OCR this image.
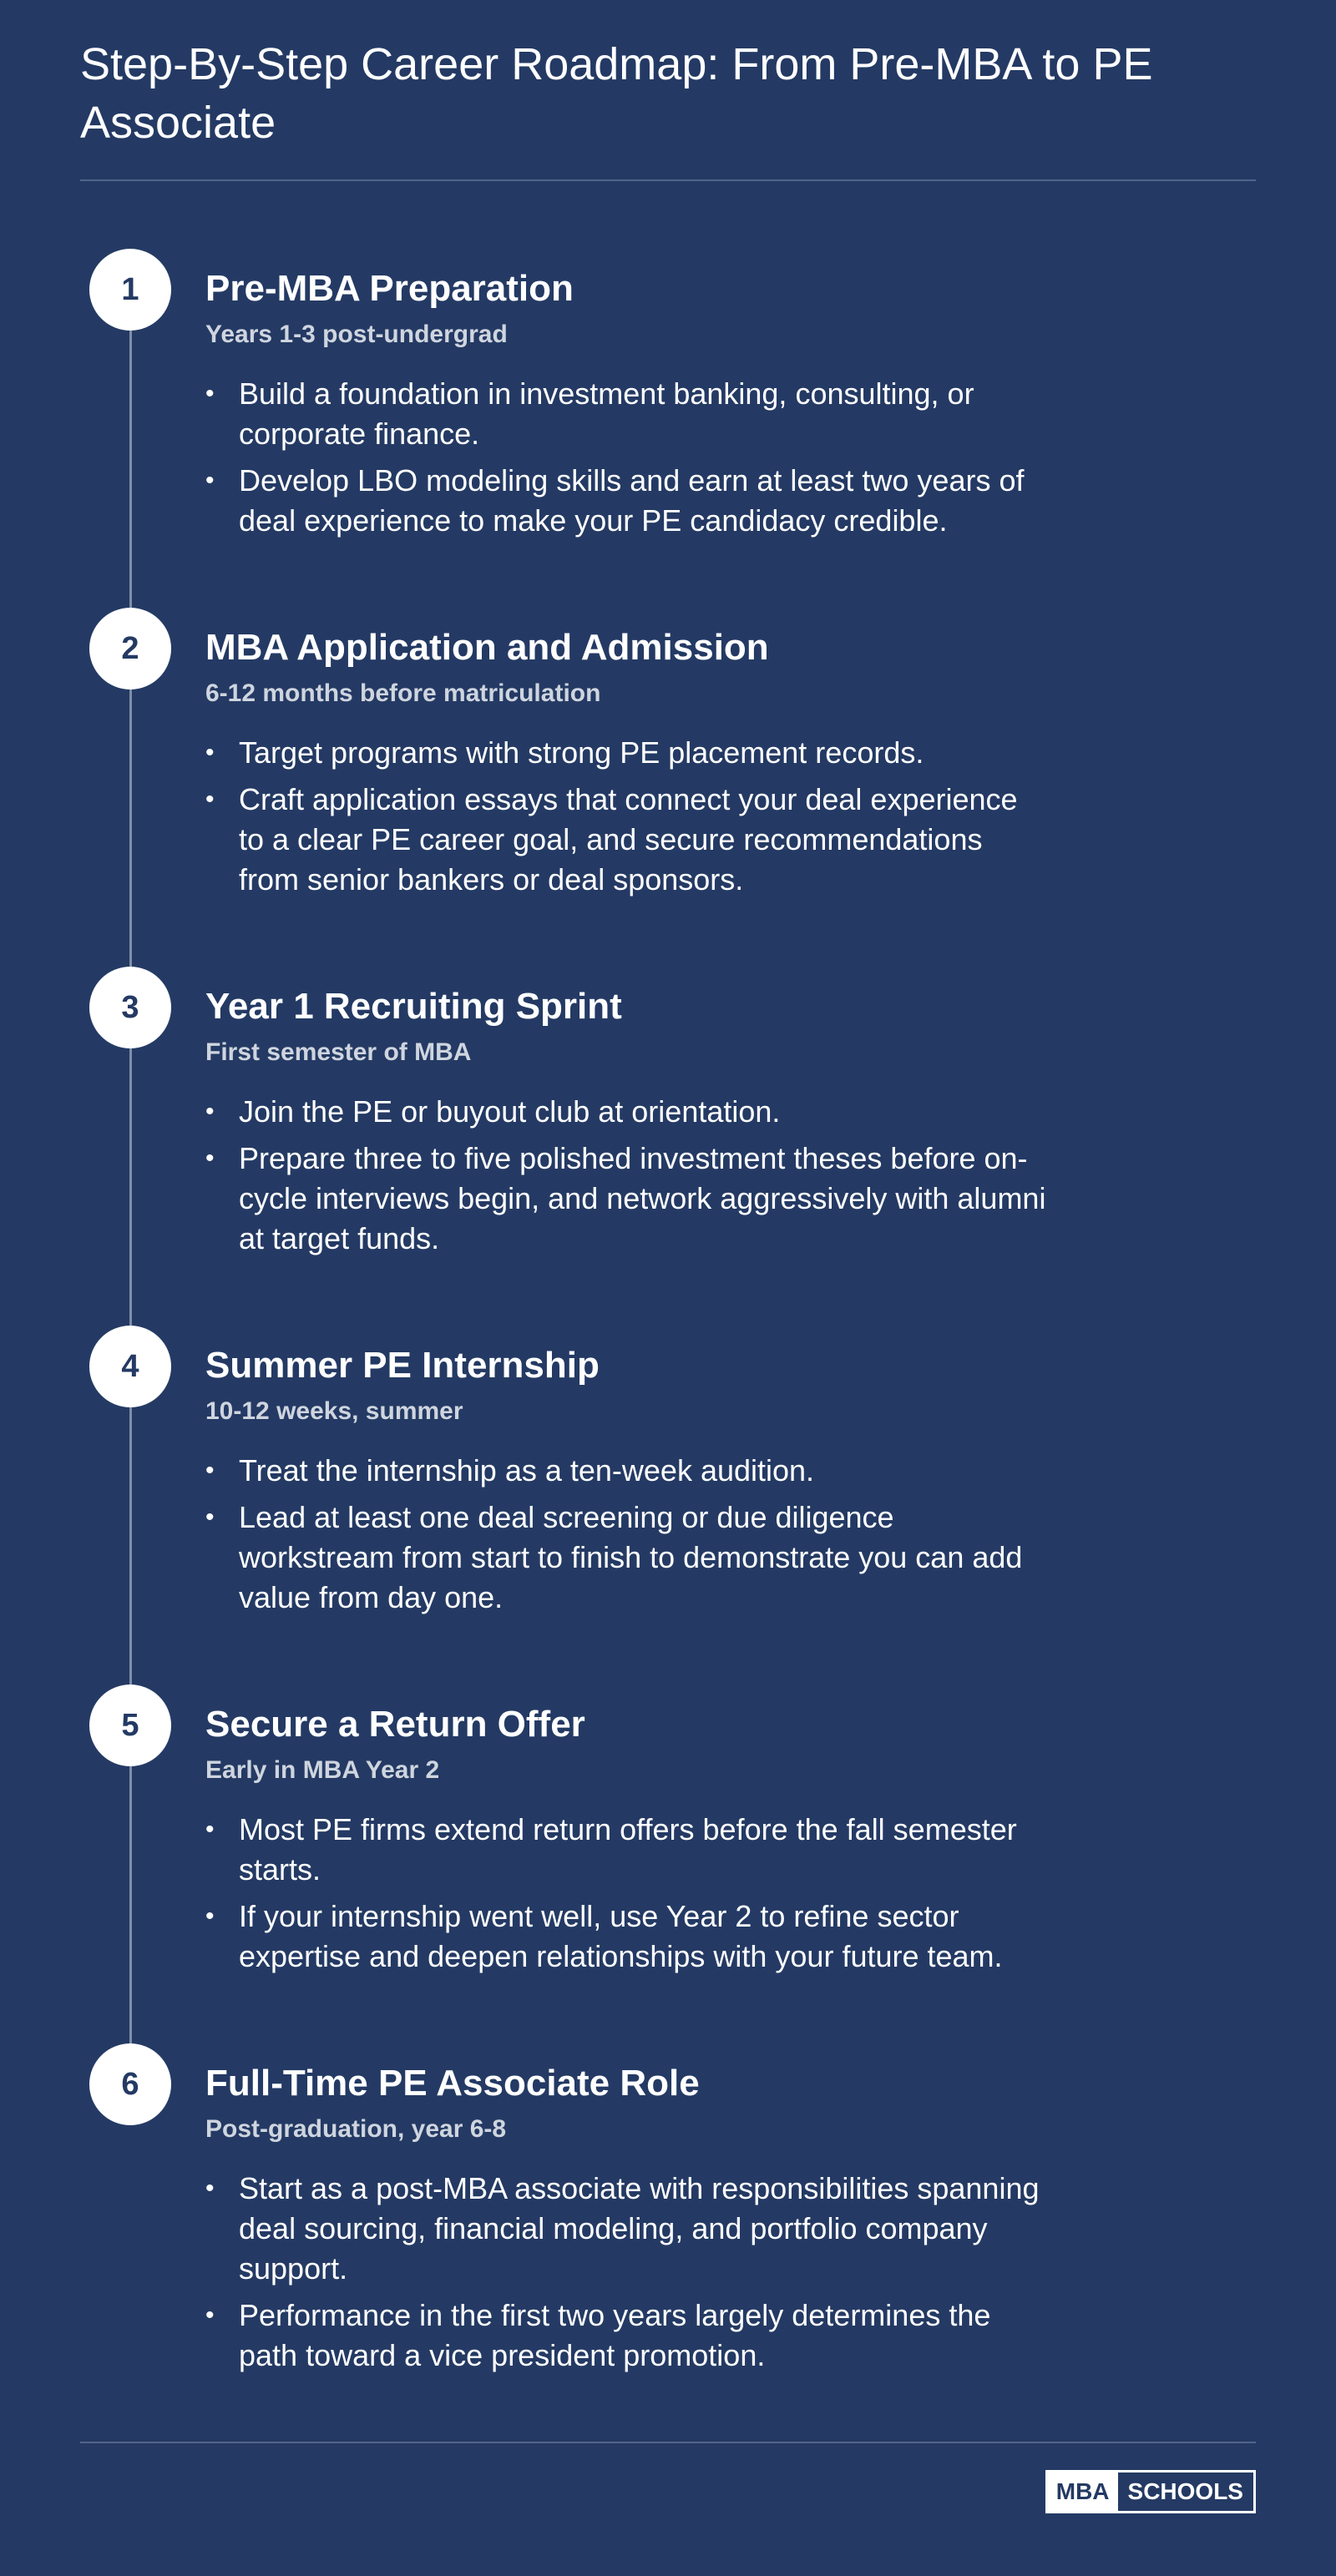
Step-By-Step Career Roadmap: From Pre-MBA to PE Associate
1	Pre-MBA Preparation
Years 1-3 post-undergrad
• Build a foundation in investment banking, consulting, or corporate finance.
• Develop LBO modeling skills and earn at least two years of deal experience to make your PE candidacy credible.
2	MBA Application and Admission
6-12 months before matriculation
• Target programs with strong PE placement records.
• Craft application essays that connect your deal experience to a clear PE career goal, and secure recommendations from senior bankers or deal sponsors.
3	Year 1 Recruiting Sprint
First semester of MBA
• Join the PE or buyout club at orientation.
• Prepare three to five polished investment theses before on-cycle interviews begin, and network aggressively with alumni at target funds.
4	Summer PE Internship
10-12 weeks, summer
• Treat the internship as a ten-week audition.
• Lead at least one deal screening or due diligence workstream from start to finish to demonstrate you can add value from day one.
5	Secure a Return Offer
Early in MBA Year 2
• Most PE firms extend return offers before the fall semester starts.
• If your internship went well, use Year 2 to refine sector expertise and deepen relationships with your future team.
6	Full-Time PE Associate Role
Post-graduation, year 6-8
• Start as a post-MBA associate with responsibilities spanning deal sourcing, financial modeling, and portfolio company support.
• Performance in the first two years largely determines the path toward a vice president promotion.
MBA SCHOOLS
